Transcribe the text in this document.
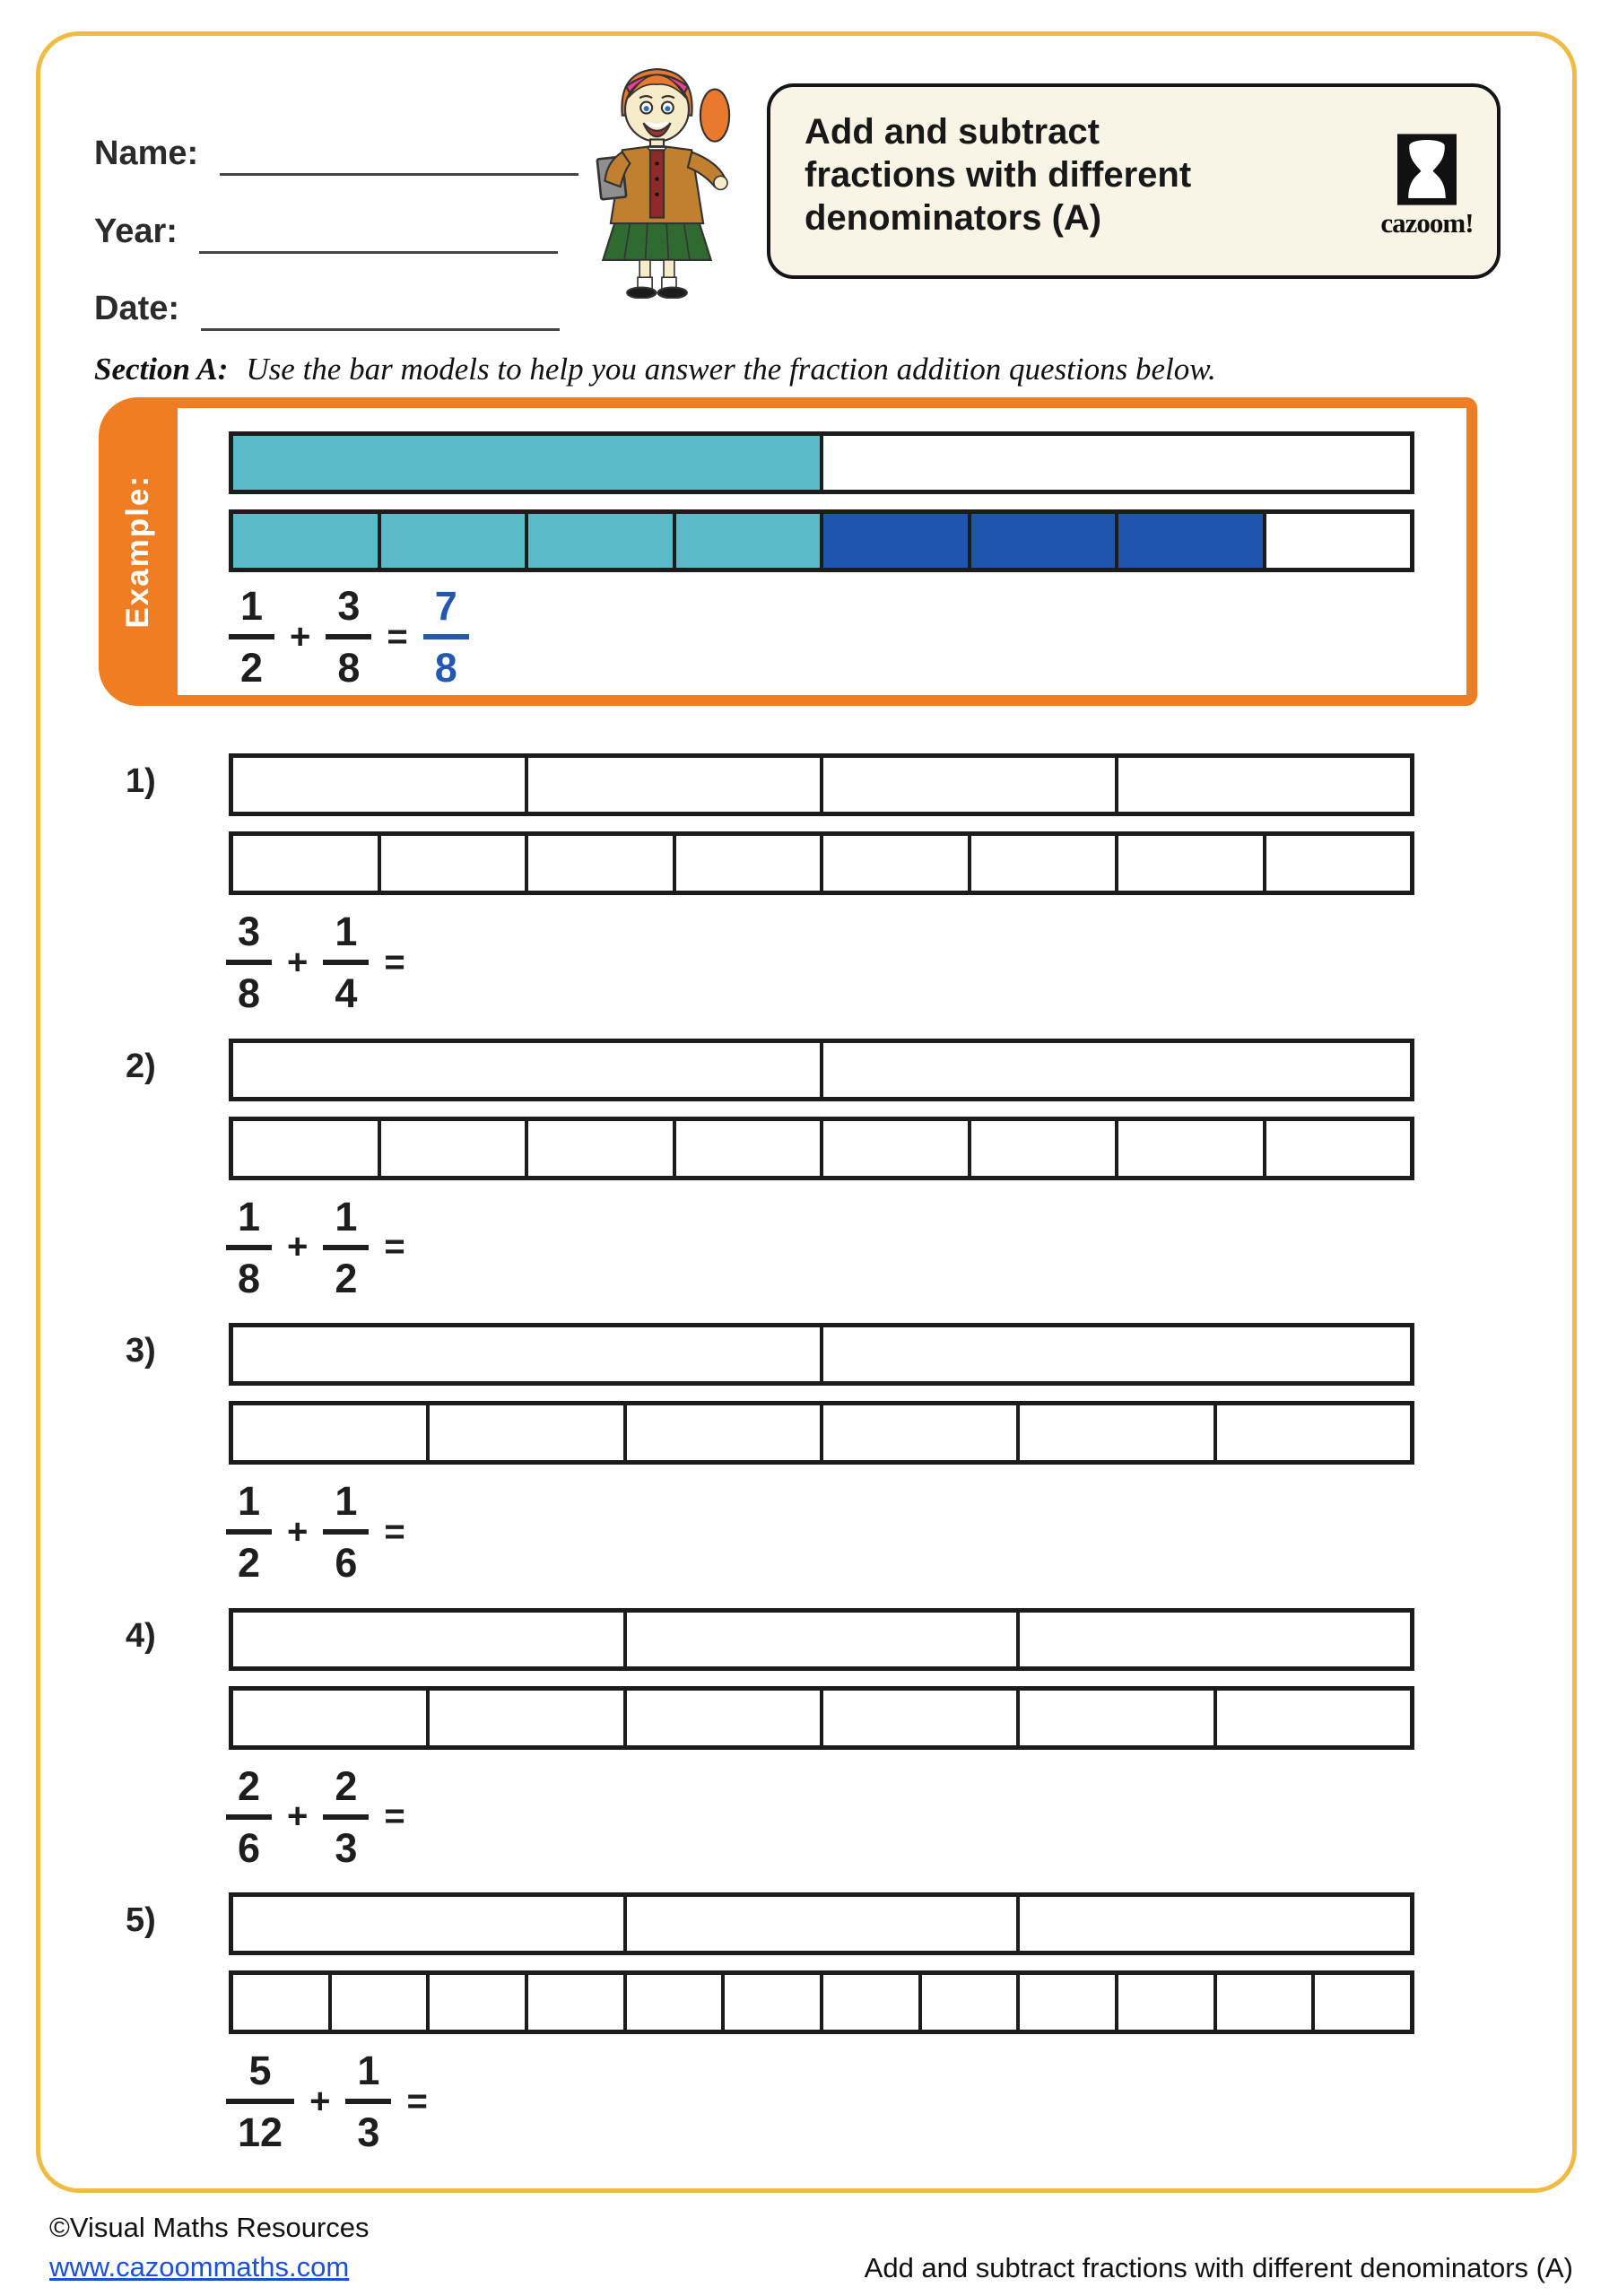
Name:
Year:
Date:
Add and subtract
fractions with different
denominators (A)	cazoom!
Section A: Use the bar models to help you answer the fraction addition questions below.
Example:
$\frac{1}{2} + \frac{3}{8} = \frac{7}{8}$
1)
$\frac{3}{8} + \frac{1}{4}$ =
2)
$\frac{1}{8} + \frac{1}{2}$ =
3)
$\frac{1}{2} + \frac{1}{6}$ =
4)
$\frac{2}{6} + \frac{2}{3}$ =
5)
$\frac{5}{12} + \frac{1}{3}$ =
©Visual Maths Resources
www.cazoommaths.com	Add and subtract fractions with different denominators (A)
